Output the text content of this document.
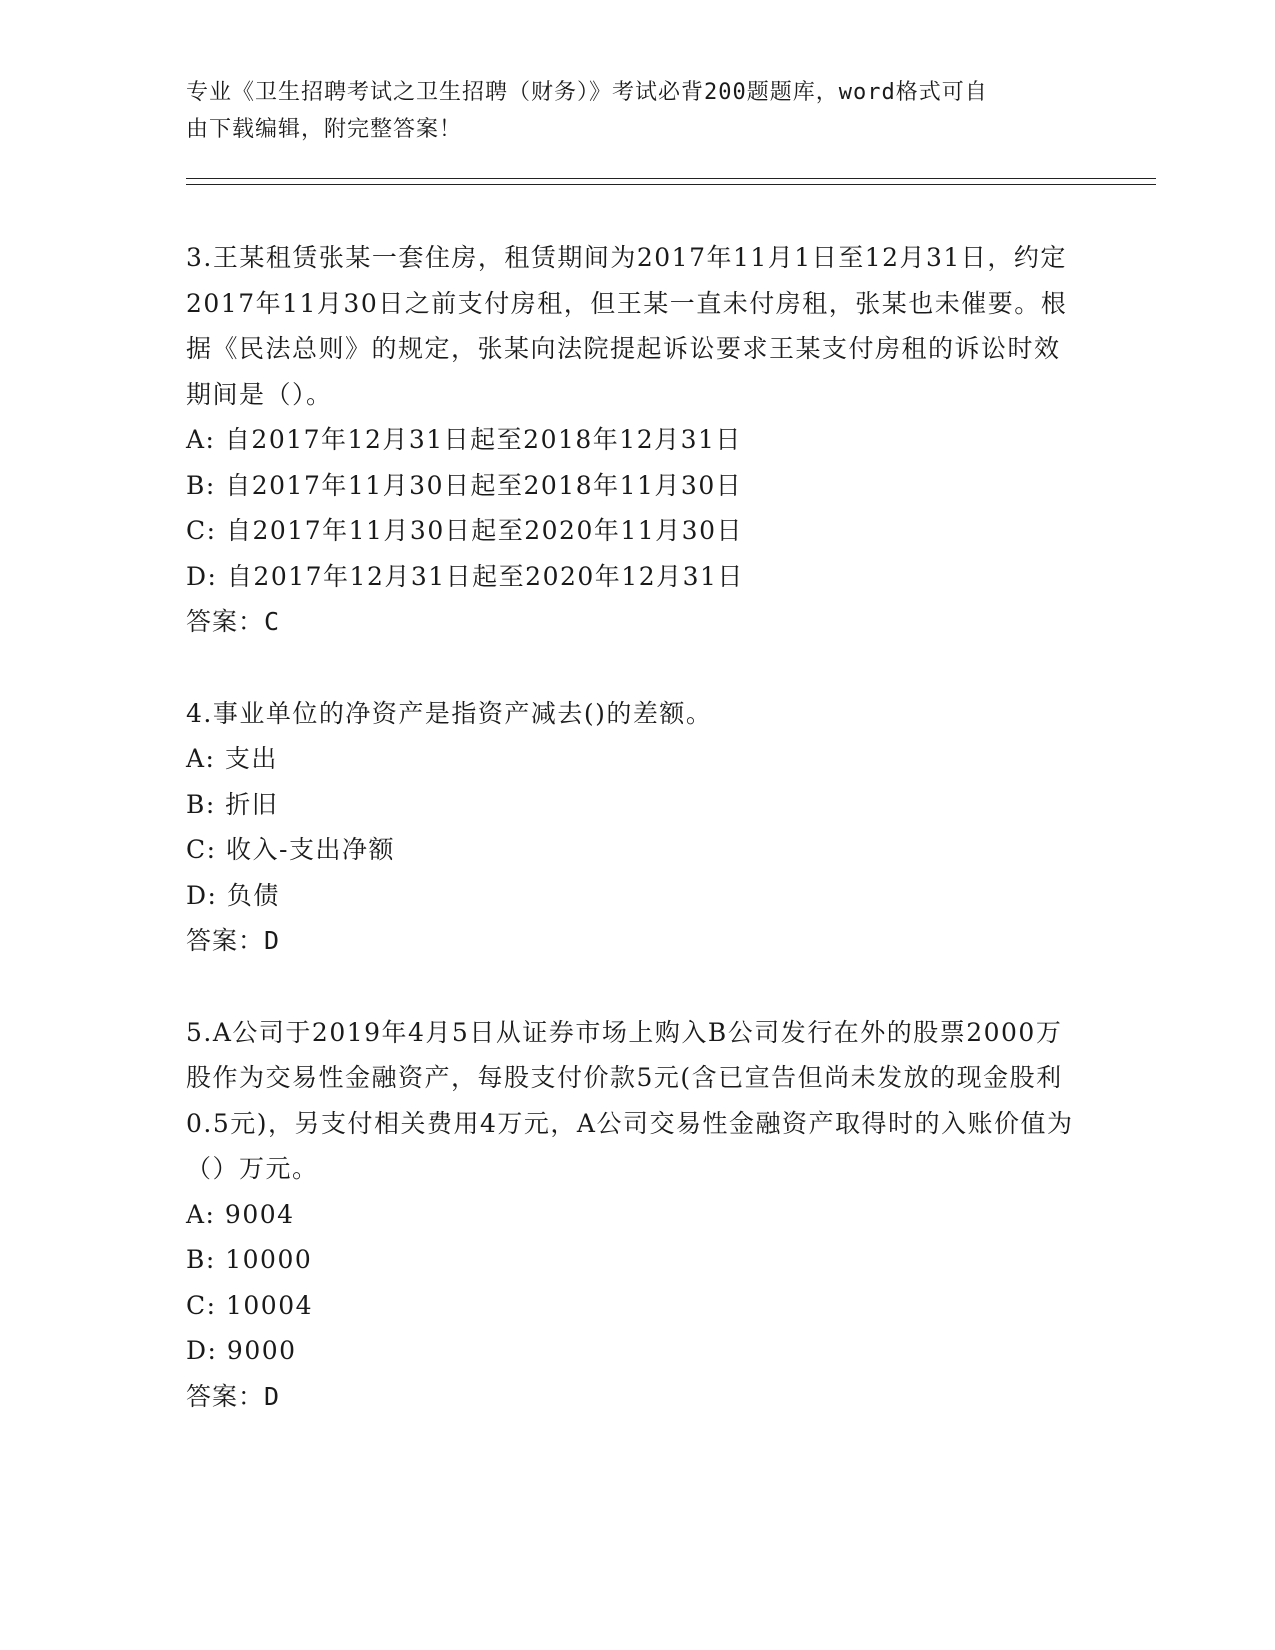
专业《卫生招聘考试之卫生招聘（财务）》考试必背200题题库，word格式可自
由下载编辑，附完整答案！
3.王某租赁张某一套住房，租赁期间为2017年11月1日至12月31日，约定2017年11月30日之前支付房租，但王某一直未付房租，张某也未催要。根据《民法总则》的规定，张某向法院提起诉讼要求王某支付房租的诉讼时效期间是（）。
A: 自2017年12月31日起至2018年12月31日
B: 自2017年11月30日起至2018年11月30日
C: 自2017年11月30日起至2020年11月30日
D: 自2017年12月31日起至2020年12月31日
答案：C
4.事业单位的净资产是指资产减去()的差额。
A: 支出
B: 折旧
C: 收入-支出净额
D: 负债
答案：D
5.A公司于2019年4月5日从证券市场上购入B公司发行在外的股票2000万股作为交易性金融资产，每股支付价款5元(含已宣告但尚未发放的现金股利0.5元)，另支付相关费用4万元，A公司交易性金融资产取得时的入账价值为（）万元。
A: 9004
B: 10000
C: 10004
D: 9000
答案：D
